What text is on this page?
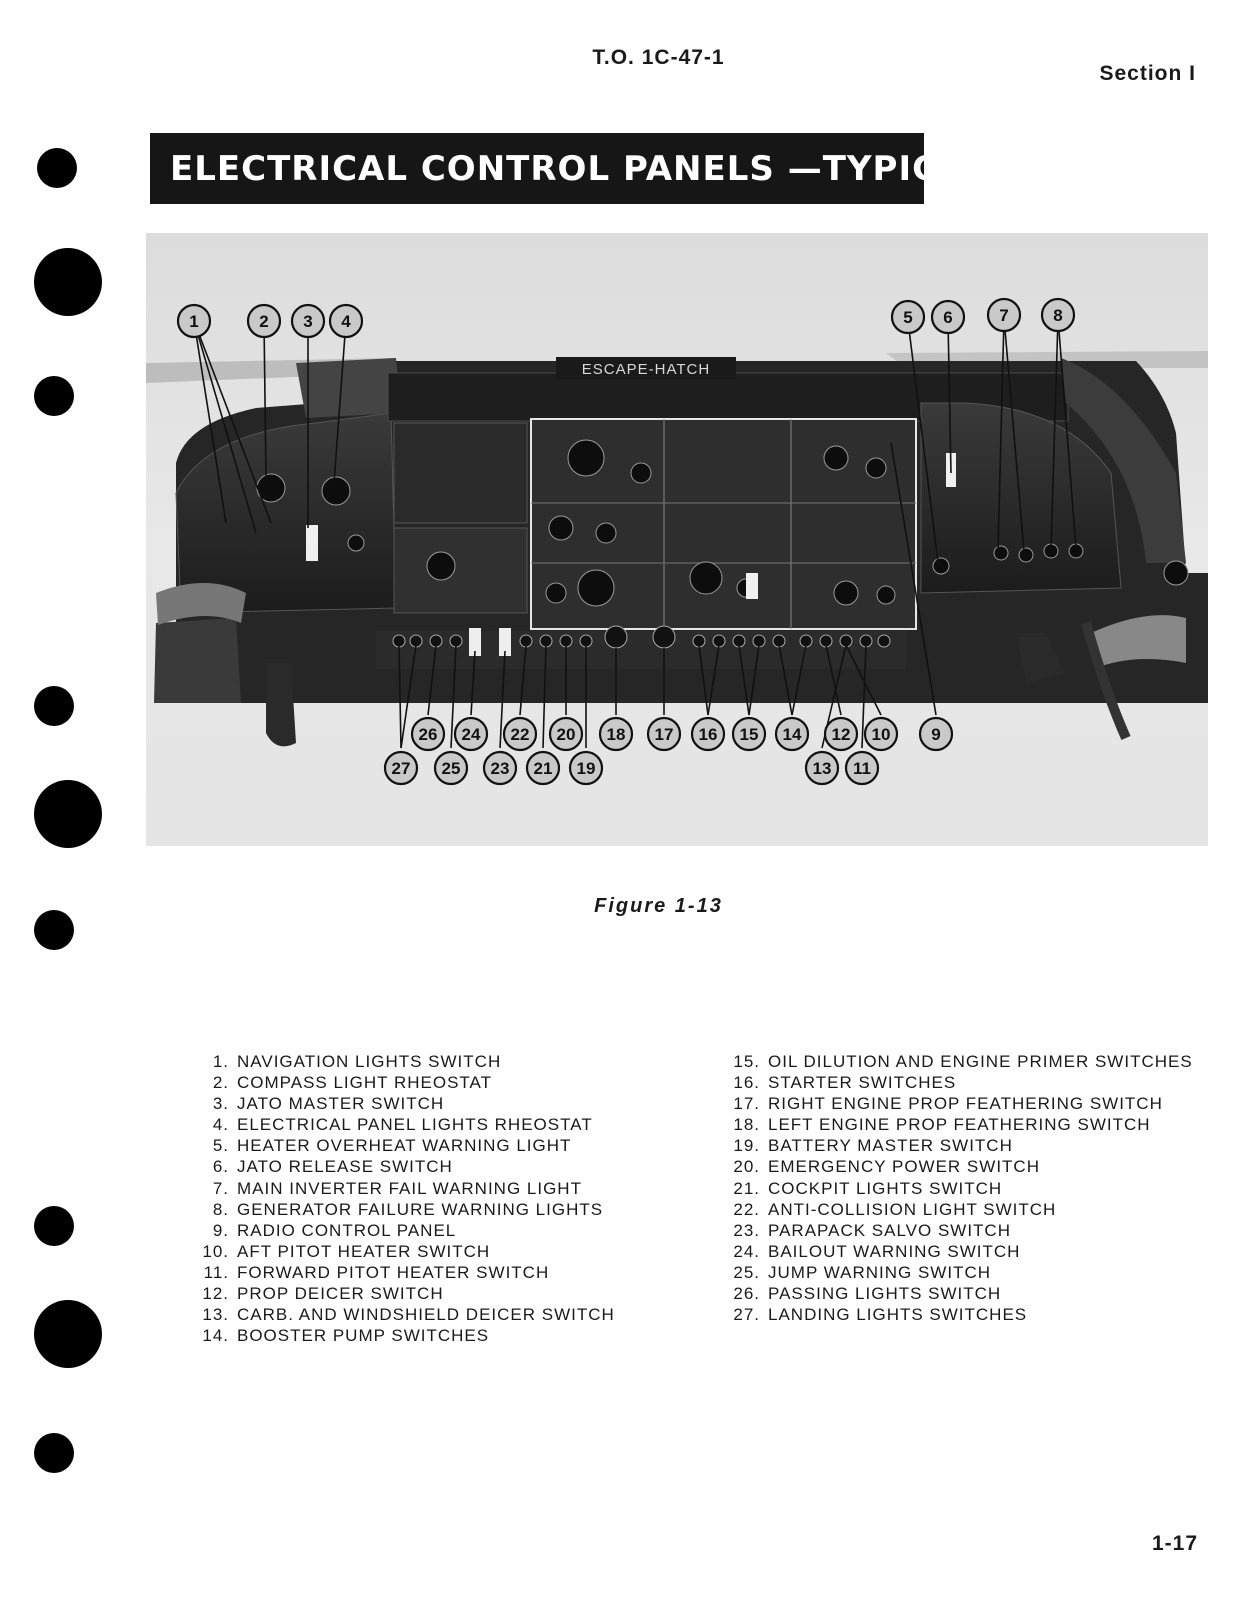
T.O. 1C-47-1
Section I
ELECTRICAL CONTROL PANELS —TYPICAL
ESCAPE-HATCH
1	2 3 4	5 6	7	8
9
10
11
12
13
14
15
16
17
18
19
20
21
22
23
24
25
26
27
Figure 1-13
1. NAVIGATION LIGHTS SWITCH
2. COMPASS LIGHT RHEOSTAT
3. JATO MASTER SWITCH
4. ELECTRICAL PANEL LIGHTS RHEOSTAT
5. HEATER OVERHEAT WARNING LIGHT
6. JATO RELEASE SWITCH
7. MAIN INVERTER FAIL WARNING LIGHT
8. GENERATOR FAILURE WARNING LIGHTS
9. RADIO CONTROL PANEL
10. AFT PITOT HEATER SWITCH
11. FORWARD PITOT HEATER SWITCH
12. PROP DEICER SWITCH
13. CARB. AND WINDSHIELD DEICER SWITCH
14. BOOSTER PUMP SWITCHES
15. OIL DILUTION AND ENGINE PRIMER SWITCHES
16. STARTER SWITCHES
17. RIGHT ENGINE PROP FEATHERING SWITCH
18. LEFT ENGINE PROP FEATHERING SWITCH
19. BATTERY MASTER SWITCH
20. EMERGENCY POWER SWITCH
21. COCKPIT LIGHTS SWITCH
22. ANTI-COLLISION LIGHT SWITCH
23. PARAPACK SALVO SWITCH
24. BAILOUT WARNING SWITCH
25. JUMP WARNING SWITCH
26. PASSING LIGHTS SWITCH
27. LANDING LIGHTS SWITCHES
1-17
